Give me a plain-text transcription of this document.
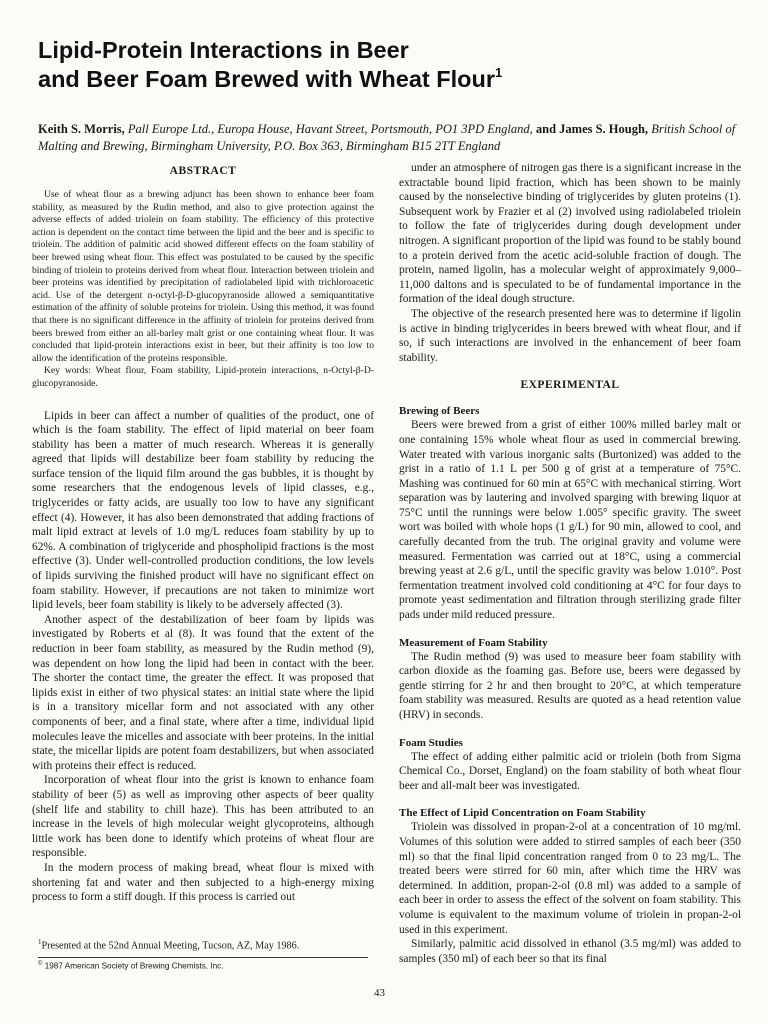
Lipid-Protein Interactions in Beer
and Beer Foam Brewed with Wheat Flour$^1$

Keith S. Morris, Pall Europe Ltd., Europa House, Havant Street, Portsmouth, PO1 3PD England, and James S. Hough, British School of Malting and Brewing, Birmingham University, P.O. Box 363, Birmingham B15 2TT England

ABSTRACT

Use of wheat flour as a brewing adjunct has been shown to enhance beer foam stability, as measured by the Rudin method, and also to give protection against the adverse effects of added triolein on foam stability. The efficiency of this protective action is dependent on the contact time between the lipid and the beer and is specific to triolein. The addition of palmitic acid showed different effects on the foam stability of beer brewed using wheat flour. This effect was postulated to be caused by the specific binding of triolein to proteins derived from wheat flour. Interaction between triolein and beer proteins was identified by precipitation of radiolabeled lipid with trichloroacetic acid. Use of the detergent n-octyl-β-D-glucopyranoside allowed a semiquantitative estimation of the affinity of soluble proteins for triolein. Using this method, it was found that there is no significant difference in the affinity of triolein for proteins derived from beers brewed from either an all-barley malt grist or one containing wheat flour. It was concluded that lipid-protein interactions exist in beer, but their affinity is too low to allow the identification of the proteins responsible.

Key words: Wheat flour, Foam stability, Lipid-protein interactions, n-Octyl-β-D-glucopyranoside.

Lipids in beer can affect a number of qualities of the product, one of which is the foam stability. The effect of lipid material on beer foam stability has been a matter of much research. Whereas it is generally agreed that lipids will destabilize beer foam stability by reducing the surface tension of the liquid film around the gas bubbles, it is thought by some researchers that the endogenous levels of lipid classes, e.g., triglycerides or fatty acids, are usually too low to have any significant effect (4). However, it has also been demonstrated that adding fractions of malt lipid extract at levels of 1.0 mg/L reduces foam stability by up to 62%. A combination of triglyceride and phospholipid fractions is the most effective (3). Under well-controlled production conditions, the low levels of lipids surviving the finished product will have no significant effect on foam stability. However, if precautions are not taken to minimize wort lipid levels, beer foam stability is likely to be adversely affected (3).

Another aspect of the destabilization of beer foam by lipids was investigated by Roberts et al (8). It was found that the extent of the reduction in beer foam stability, as measured by the Rudin method (9), was dependent on how long the lipid had been in contact with the beer. The shorter the contact time, the greater the effect. It was proposed that lipids exist in either of two physical states: an initial state where the lipid is in a transitory micellar form and not associated with any other components of beer, and a final state, where after a time, individual lipid molecules leave the micelles and associate with beer proteins. In the initial state, the micellar lipids are potent foam destabilizers, but when associated with proteins their effect is reduced.

Incorporation of wheat flour into the grist is known to enhance foam stability of beer (5) as well as improving other aspects of beer quality (shelf life and stability to chill haze). This has been attributed to an increase in the levels of high molecular weight glycoproteins, although little work has been done to identify which proteins of wheat flour are responsible.

In the modern process of making bread, wheat flour is mixed with shortening fat and water and then subjected to a high-energy mixing process to form a stiff dough. If this process is carried out

under an atmosphere of nitrogen gas there is a significant increase in the extractable bound lipid fraction, which has been shown to be mainly caused by the nonselective binding of triglycerides by gluten proteins (1). Subsequent work by Frazier et al (2) involved using radiolabeled triolein to follow the fate of triglycerides during dough development under nitrogen. A significant proportion of the lipid was found to be stably bound to a protein derived from the acetic acid-soluble fraction of dough. The protein, named ligolin, has a molecular weight of approximately 9,000–11,000 daltons and is speculated to be of fundamental importance in the formation of the ideal dough structure.

The objective of the research presented here was to determine if ligolin is active in binding triglycerides in beers brewed with wheat flour, and if so, if such interactions are involved in the enhancement of beer foam stability.

EXPERIMENTAL
Brewing of Beers

Beers were brewed from a grist of either 100% milled barley malt or one containing 15% whole wheat flour as used in commercial brewing. Water treated with various inorganic salts (Burtonized) was added to the grist in a ratio of 1.1 L per 500 g of grist at a temperature of 75°C. Mashing was continued for 60 min at 65°C with mechanical stirring. Wort separation was by lautering and involved sparging with brewing liquor at 75°C until the runnings were below 1.005° specific gravity. The sweet wort was boiled with whole hops (1 g/L) for 90 min, allowed to cool, and carefully decanted from the trub. The original gravity and volume were measured. Fermentation was carried out at 18°C, using a commercial brewing yeast at 2.6 g/L, until the specific gravity was below 1.010°. Post fermentation treatment involved cold conditioning at 4°C for four days to promote yeast sedimentation and filtration through sterilizing grade filter pads under mild reduced pressure.

Measurement of Foam Stability

The Rudin method (9) was used to measure beer foam stability with carbon dioxide as the foaming gas. Before use, beers were degassed by gentle stirring for 2 hr and then brought to 20°C, at which temperature foam stability was measured. Results are quoted as a head retention value (HRV) in seconds.

Foam Studies

The effect of adding either palmitic acid or triolein (both from Sigma Chemical Co., Dorset, England) on the foam stability of both wheat flour beer and all-malt beer was investigated.

The Effect of Lipid Concentration on Foam Stability

Triolein was dissolved in propan-2-ol at a concentration of 10 mg/ml. Volumes of this solution were added to stirred samples of each beer (350 ml) so that the final lipid concentration ranged from 0 to 23 mg/L. The treated beers were stirred for 60 min, after which time the HRV was determined. In addition, propan-2-ol (0.8 ml) was added to a sample of each beer in order to assess the effect of the solvent on foam stability. This volume is equivalent to the maximum volume of triolein in propan-2-ol used in this experiment.

Similarly, palmitic acid dissolved in ethanol (3.5 mg/ml) was added to samples (350 ml) of each beer so that its final

$^1$Presented at the 52nd Annual Meeting, Tucson, AZ, May 1986.

© 1987 American Society of Brewing Chemists, Inc.

43
